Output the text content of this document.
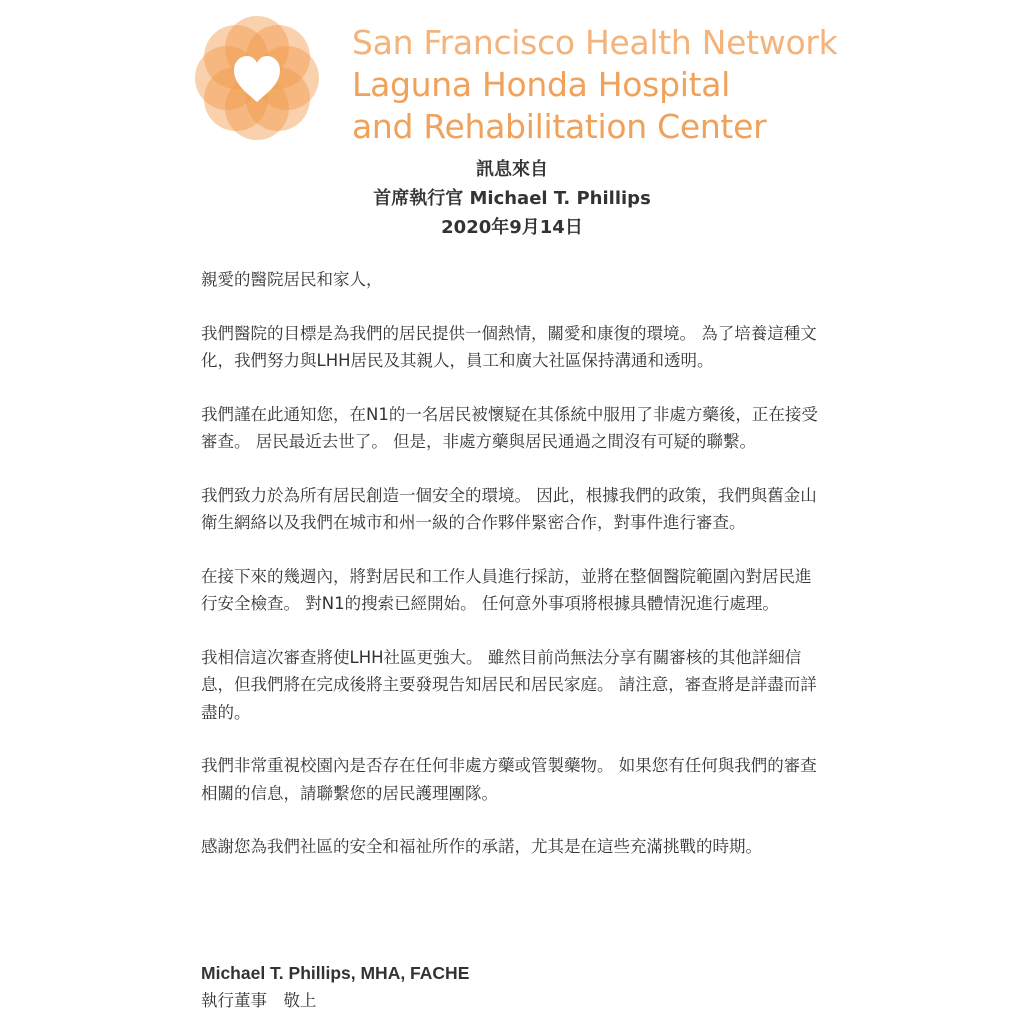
San Francisco Health Network
Laguna Honda Hospital
and Rehabilitation Center
訊息來自
首席執行官 Michael T. Phillips
2020年9月14日

親愛的醫院居民和家人，

我們醫院的目標是為我們的居民提供一個熱情，關愛和康復的環境。 為了培養這種文化，我們努力與LHH居民及其親人，員工和廣大社區保持溝通和透明。

我們謹在此通知您，在N1的一名居民被懷疑在其係統中服用了非處方藥後，正在接受審查。 居民最近去世了。 但是，非處方藥與居民通過之間沒有可疑的聯繫。

我們致力於為所有居民創造一個安全的環境。 因此，根據我們的政策，我們與舊金山衛生網絡以及我們在城市和州一級的合作夥伴緊密合作，對事件進行審查。

在接下來的幾週內，將對居民和工作人員進行採訪，並將在整個醫院範圍內對居民進行安全檢查。 對N1的搜索已經開始。 任何意外事項將根據具體情況進行處理。

我相信這次審查將使LHH社區更強大。 雖然目前尚無法分享有關審核的其他詳細信息，但我們將在完成後將主要發現告知居民和居民家庭。 請注意，審查將是詳盡而詳盡的。

我們非常重視校園內是否存在任何非處方藥或管製藥物。 如果您有任何與我們的審查相關的信息，請聯繫您的居民護理團隊。

感謝您為我們社區的安全和福祉所作的承諾，尤其是在這些充滿挑戰的時期。

Michael T. Phillips, MHA, FACHE
執行董事　敬上
